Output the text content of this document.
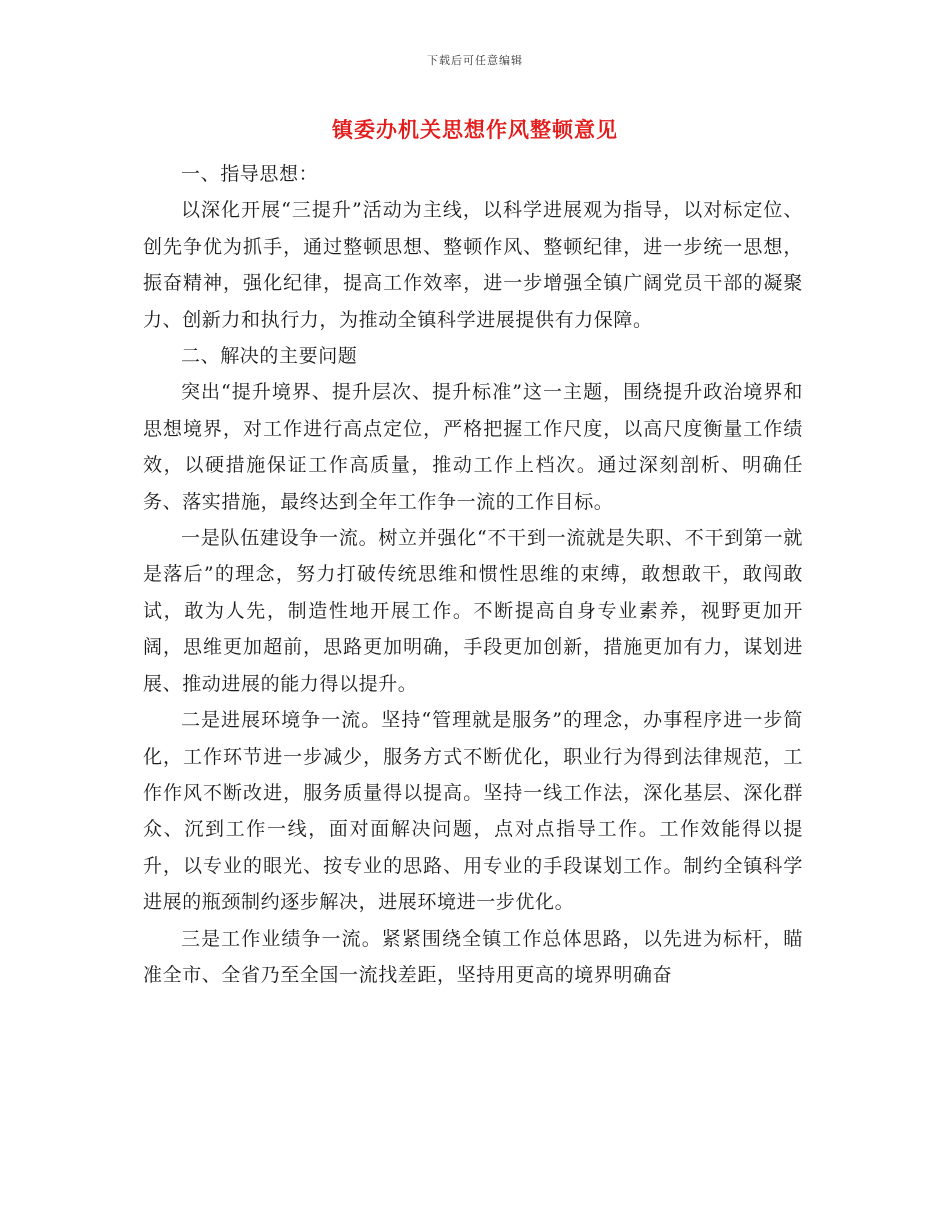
下载后可任意编辑
镇委办机关思想作风整顿意见

一、指导思想：

以深化开展“三提升”活动为主线，以科学进展观为指导，以对标定位、创先争优为抓手，通过整顿思想、整顿作风、整顿纪律，进一步统一思想，振奋精神，强化纪律，提高工作效率，进一步增强全镇广阔党员干部的凝聚力、创新力和执行力，为推动全镇科学进展提供有力保障。

二、解决的主要问题

突出“提升境界、提升层次、提升标准”这一主题，围绕提升政治境界和思想境界，对工作进行高点定位，严格把握工作尺度，以高尺度衡量工作绩效，以硬措施保证工作高质量，推动工作上档次。通过深刻剖析、明确任务、落实措施，最终达到全年工作争一流的工作目标。

一是队伍建设争一流。树立并强化“不干到一流就是失职、不干到第一就是落后”的理念，努力打破传统思维和惯性思维的束缚，敢想敢干，敢闯敢试，敢为人先，制造性地开展工作。不断提高自身专业素养，视野更加开阔，思维更加超前，思路更加明确，手段更加创新，措施更加有力，谋划进展、推动进展的能力得以提升。

二是进展环境争一流。坚持“管理就是服务”的理念，办事程序进一步简化，工作环节进一步减少，服务方式不断优化，职业行为得到法律规范，工作作风不断改进，服务质量得以提高。坚持一线工作法，深化基层、深化群众、沉到工作一线，面对面解决问题，点对点指导工作。工作效能得以提升，以专业的眼光、按专业的思路、用专业的手段谋划工作。制约全镇科学进展的瓶颈制约逐步解决，进展环境进一步优化。

三是工作业绩争一流。紧紧围绕全镇工作总体思路，以先进为标杆，瞄准全市、全省乃至全国一流找差距，坚持用更高的境界明确奋
